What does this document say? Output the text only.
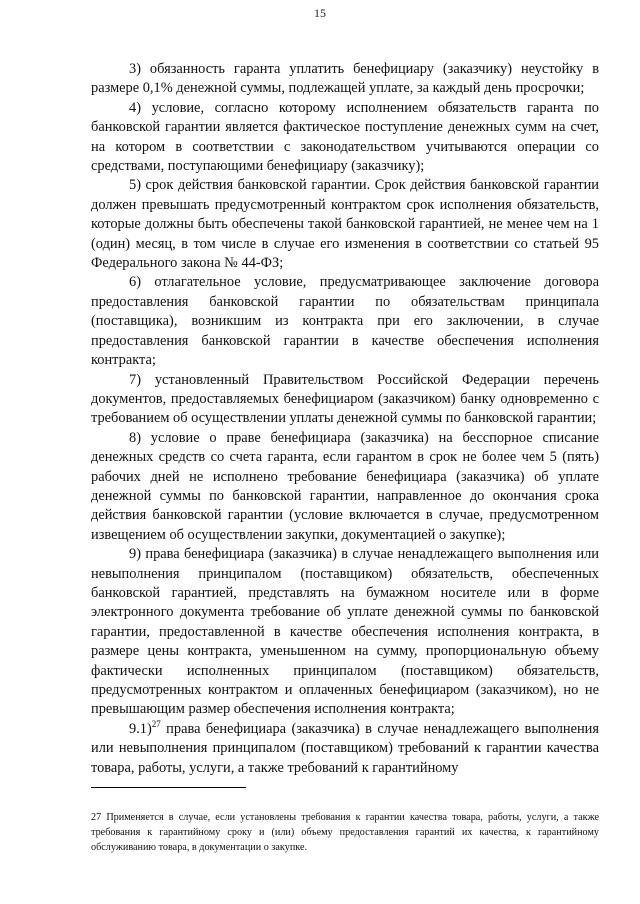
15

3) обязанность гаранта уплатить бенефициару (заказчику) неустойку в размере 0,1% денежной суммы, подлежащей уплате, за каждый день просрочки;

4) условие, согласно которому исполнением обязательств гаранта по банковской гарантии является фактическое поступление денежных сумм на счет, на котором в соответствии с законодательством учитываются операции со средствами, поступающими бенефициару (заказчику);

5) срок действия банковской гарантии. Срок действия банковской гарантии должен превышать предусмотренный контрактом срок исполнения обязательств, которые должны быть обеспечены такой банковской гарантией, не менее чем на 1 (один) месяц, в том числе в случае его изменения в соответствии со статьей 95 Федерального закона № 44-ФЗ;

6) отлагательное условие, предусматривающее заключение договора предоставления банковской гарантии по обязательствам принципала (поставщика), возникшим из контракта при его заключении, в случае предоставления банковской гарантии в качестве обеспечения исполнения контракта;

7) установленный Правительством Российской Федерации перечень документов, предоставляемых бенефициаром (заказчиком) банку одновременно с требованием об осуществлении уплаты денежной суммы по банковской гарантии;

8) условие о праве бенефициара (заказчика) на бесспорное списание денежных средств со счета гаранта, если гарантом в срок не более чем 5 (пять) рабочих дней не исполнено требование бенефициара (заказчика) об уплате денежной суммы по банковской гарантии, направленное до окончания срока действия банковской гарантии (условие включается в случае, предусмотренном извещением об осуществлении закупки, документацией о закупке);

9) права бенефициара (заказчика) в случае ненадлежащего выполнения или невыполнения принципалом (поставщиком) обязательств, обеспеченных банковской гарантией, представлять на бумажном носителе или в форме электронного документа требование об уплате денежной суммы по банковской гарантии, предоставленной в качестве обеспечения исполнения контракта, в размере цены контракта, уменьшенном на сумму, пропорциональную объему фактически исполненных принципалом (поставщиком) обязательств, предусмотренных контрактом и оплаченных бенефициаром (заказчиком), но не превышающим размер обеспечения исполнения контракта;

9.1)$^{27}$ права бенефициара (заказчика) в случае ненадлежащего выполнения или невыполнения принципалом (поставщиком) требований к гарантии качества товара, работы, услуги, а также требований к гарантийному

27 Применяется в случае, если установлены требования к гарантии качества товара, работы, услуги, а также требования к гарантийному сроку и (или) объему предоставления гарантий их качества, к гарантийному обслуживанию товара, в документации о закупке.
